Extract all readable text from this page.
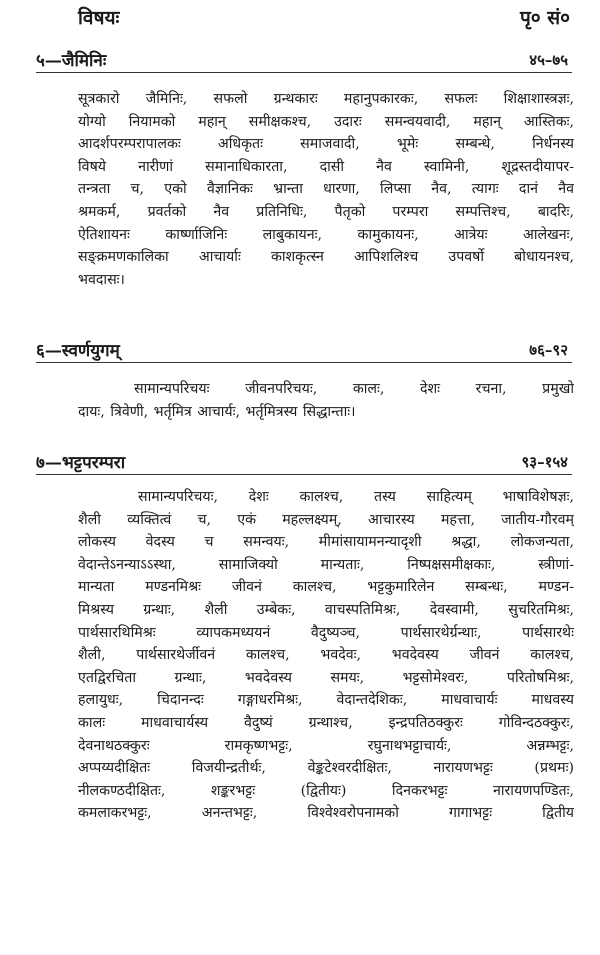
विषयः	पृ० सं०
५—जैमिनिः	४५–७५
सूत्रकारो जैमिनिः, सफलो ग्रन्थकारः महानुपकारकः, सफलः शिक्षाशास्त्रज्ञः,
योग्यो नियामको महान् समीक्षकश्च, उदारः समन्वयवादी, महान् आस्तिकः,
आदर्शपरम्परापालकः अधिकृतः समाजवादी, भूमेः सम्बन्धे, निर्धनस्य
विषये नारीणां समानाधिकारता, दासी नैव स्वामिनी, शूद्रस्तदीयापर-
तन्त्रता च, एको वैज्ञानिकः भ्रान्ता धारणा, लिप्सा नैव, त्यागः दानं नैव
श्रमकर्म, प्रवर्तको नैव प्रतिनिधिः, पैतृको परम्परा सम्पत्तिश्च, बादरिः,
ऐतिशायनः कार्ष्णाजिनिः लाबुकायनः, कामुकायनः, आत्रेयः आलेखनः,
सङ्क्रमणकालिका आचार्याः काशकृत्स्न आपिशलिश्च उपवर्षो बोधायनश्च,
भवदासः।
६—स्वर्णयुगम्	७६–९२
सामान्यपरिचयः जीवनपरिचयः, कालः, देशः रचना, प्रमुखो
दायः, त्रिवेणी, भर्तृमित्र आचार्यः, भर्तृमित्रस्य सिद्धान्ताः।
७—भट्टपरम्परा	९३–१५४
सामान्यपरिचयः, देशः कालश्च, तस्य साहित्यम् भाषाविशेषज्ञः,
शैली व्यक्तित्वं च, एकं महल्लक्ष्यम्, आचारस्य महत्ता, जातीय-गौरवम्
लोकस्य वेदस्य च समन्वयः, मीमांसायामनन्यादृशी श्रद्धा, लोकजन्यता,
वेदान्तेऽनन्याऽऽस्था, सामाजिक्यो मान्यताः, निष्पक्षसमीक्षकाः, स्त्रीणां-
मान्यता मण्डनमिश्रः जीवनं कालश्च, भट्टकुमारिलेन सम्बन्धः, मण्डन-
मिश्रस्य ग्रन्थाः, शैली उम्बेकः, वाचस्पतिमिश्रः, देवस्वामी, सुचरितमिश्रः,
पार्थसारथिमिश्रः व्यापकमध्ययनं वैदुष्यञ्च, पार्थसारथेर्ग्रन्थाः, पार्थसारथेः
शैली, पार्थसारथेर्जीवनं कालश्च, भवदेवः, भवदेवस्य जीवनं कालश्च,
एतद्विरचिता ग्रन्थाः, भवदेवस्य समयः, भट्टसोमेश्वरः, परितोषमिश्रः,
हलायुधः, चिदानन्दः गङ्गाधरमिश्रः, वेदान्तदेशिकः, माधवाचार्यः माधवस्य
कालः माधवाचार्यस्य वैदुष्यं ग्रन्थाश्च, इन्द्रपतिठक्कुरः गोविन्दठक्कुरः,
देवनाथठक्कुरः रामकृष्णभट्टः, रघुनाथभट्टाचार्यः, अन्नम्भट्टः,
अप्पय्यदीक्षितः विजयीन्द्रतीर्थः, वेङ्कटेश्वरदीक्षितः, नारायणभट्टः (प्रथमः)
नीलकण्ठदीक्षितः, शङ्करभट्टः (द्वितीयः) दिनकरभट्टः नारायणपण्डितः,
कमलाकरभट्टः, अनन्तभट्टः, विश्वेश्वरोपनामको गागाभट्टः द्वितीय
